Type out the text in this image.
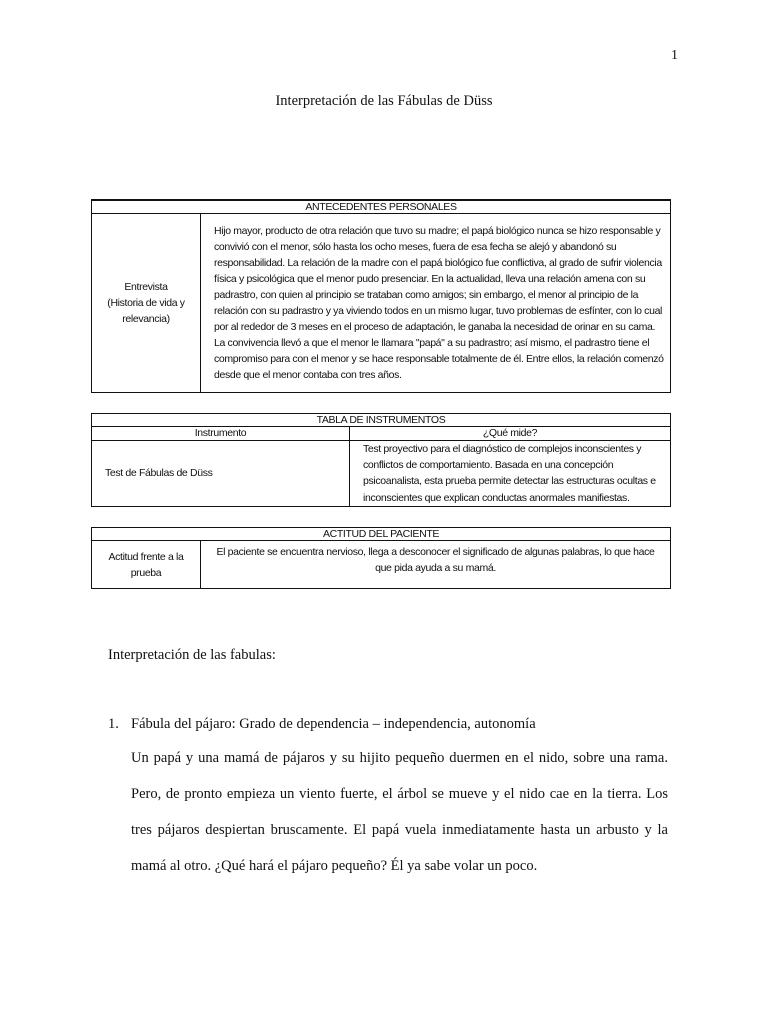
1
Interpretación de las Fábulas de Düss
ANTECEDENTES PERSONALES
Entrevista
(Historia de vida y
relevancia)	Hijo mayor, producto de otra relación que tuvo su madre; el papá biológico nunca se hizo responsable y convivió con el menor, sólo hasta los ocho meses, fuera de esa fecha se alejó y abandonó su responsabilidad. La relación de la madre con el papá biológico fue conflictiva, al grado de sufrir violencia física y psicológica que el menor pudo presenciar. En la actualidad, lleva una relación amena con su padrastro, con quien al principio se trataban como amigos; sin embargo, el menor al principio de la relación con su padrastro y ya viviendo todos en un mismo lugar, tuvo problemas de esfínter, con lo cual por al rededor de 3 meses en el proceso de adaptación, le ganaba la necesidad de orinar en su cama. La convivencia llevó a que el menor le llamara "papá" a su padrastro; así mismo, el padrastro tiene el compromiso para con el menor y se hace responsable totalmente de él. Entre ellos, la relación comenzó desde que el menor contaba con tres años.
TABLA DE INSTRUMENTOS	
Instrumento	¿Qué mide?
Test de Fábulas de Düss	Test proyectivo para el diagnóstico de complejos inconscientes y conflictos de comportamiento. Basada en una concepción psicoanalista, esta prueba permite detectar las estructuras ocultas e inconscientes que explican conductas anormales manifiestas.
ACTITUD DEL PACIENTE
Actitud frente a la
prueba	El paciente se encuentra nervioso, llega a desconocer el significado de algunas palabras, lo que hace que pida ayuda a su mamá.
Interpretación de las fabulas:
1. Fábula del pájaro: Grado de dependencia – independencia, autonomía
Un papá y una mamá de pájaros y su hijito pequeño duermen en el nido, sobre una rama. Pero, de pronto empieza un viento fuerte, el árbol se mueve y el nido cae en la tierra. Los tres pájaros despiertan bruscamente. El papá vuela inmediatamente hasta un arbusto y la mamá al otro. ¿Qué hará el pájaro pequeño? Él ya sabe volar un poco.
